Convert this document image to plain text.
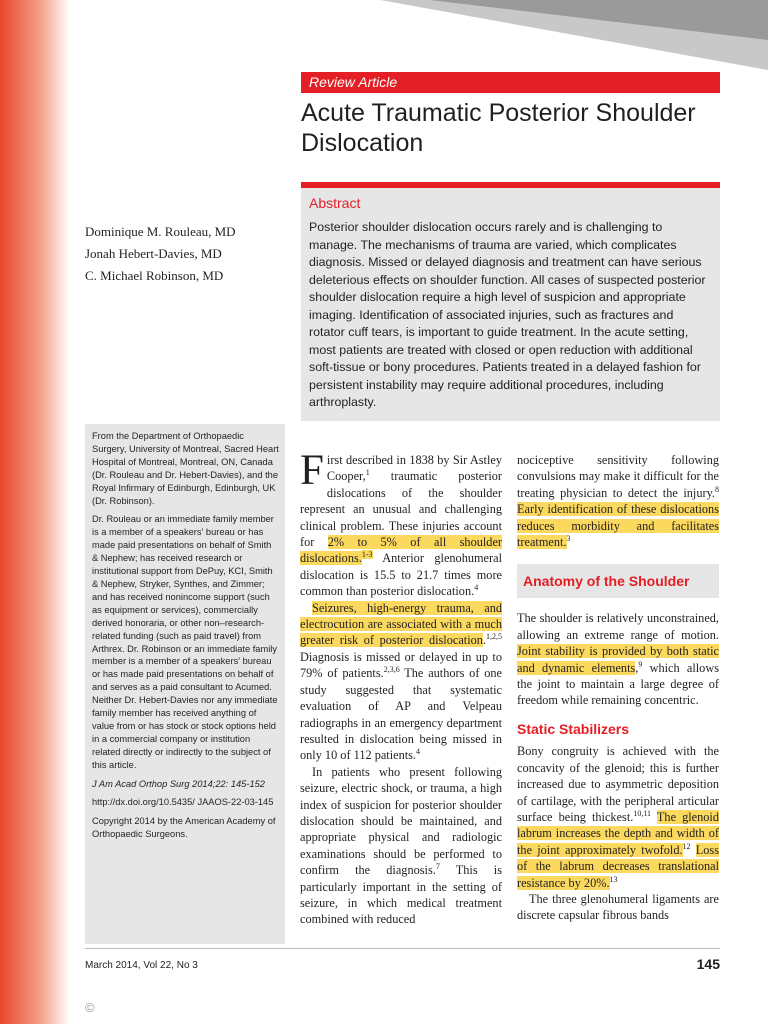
Review Article
Acute Traumatic Posterior Shoulder Dislocation
Abstract

Posterior shoulder dislocation occurs rarely and is challenging to manage. The mechanisms of trauma are varied, which complicates diagnosis. Missed or delayed diagnosis and treatment can have serious deleterious effects on shoulder function. All cases of suspected posterior shoulder dislocation require a high level of suspicion and appropriate imaging. Identification of associated injuries, such as fractures and rotator cuff tears, is important to guide treatment. In the acute setting, most patients are treated with closed or open reduction with additional soft-tissue or bony procedures. Patients treated in a delayed fashion for persistent instability may require additional procedures, including arthroplasty.

Dominique M. Rouleau, MD
Jonah Hebert-Davies, MD
C. Michael Robinson, MD

From the Department of Orthopaedic Surgery, University of Montreal, Sacred Heart Hospital of Montreal, Montreal, ON, Canada (Dr. Rouleau and Dr. Hebert-Davies), and the Royal Infirmary of Edinburgh, Edinburgh, UK (Dr. Robinson).

Dr. Rouleau or an immediate family member is a member of a speakers' bureau or has made paid presentations on behalf of Smith & Nephew; has received research or institutional support from DePuy, KCI, Smith & Nephew, Stryker, Synthes, and Zimmer; and has received nonincome support (such as equipment or services), commercially derived honoraria, or other non–research-related funding (such as paid travel) from Arthrex. Dr. Robinson or an immediate family member is a member of a speakers' bureau or has made paid presentations on behalf of and serves as a paid consultant to Acumed. Neither Dr. Hebert-Davies nor any immediate family member has received anything of value from or has stock or stock options held in a commercial company or institution related directly or indirectly to the subject of this article.

J Am Acad Orthop Surg 2014;22: 145-152

http://dx.doi.org/10.5435/ JAAOS-22-03-145

Copyright 2014 by the American Academy of Orthopaedic Surgeons.

First described in 1838 by Sir Astley Cooper,$^1$ traumatic posterior dislocations of the shoulder represent an unusual and challenging clinical problem. These injuries account for 2% to 5% of all shoulder dislocations.$^{1-3}$ Anterior glenohumeral dislocation is 15.5 to 21.7 times more common than posterior dislocation.$^4$

Seizures, high-energy trauma, and electrocution are associated with a much greater risk of posterior dislocation.$^{1,2,5}$ Diagnosis is missed or delayed in up to 79% of patients.$^{2,3,6}$ The authors of one study suggested that systematic evaluation of AP and Velpeau radiographs in an emergency department resulted in dislocation being missed in only 10 of 112 patients.$^4$

In patients who present following seizure, electric shock, or trauma, a high index of suspicion for posterior shoulder dislocation should be maintained, and appropriate physical and radiologic examinations should be performed to confirm the diagnosis.$^7$ This is particularly important in the setting of seizure, in which medical treatment combined with reduced

nociceptive sensitivity following convulsions may make it difficult for the treating physician to detect the injury.$^8$ Early identification of these dislocations reduces morbidity and facilitates treatment.$^3$

Anatomy of the Shoulder

The shoulder is relatively unconstrained, allowing an extreme range of motion. Joint stability is provided by both static and dynamic elements,$^9$ which allows the joint to maintain a large degree of freedom while remaining concentric.

Static Stabilizers

Bony congruity is achieved with the concavity of the glenoid; this is further increased due to asymmetric deposition of cartilage, with the peripheral articular surface being thickest.$^{10,11}$ The glenoid labrum increases the depth and width of the joint approximately twofold.$^{12}$ Loss of the labrum decreases translational resistance by 20%.$^{13}$

The three glenohumeral ligaments are discrete capsular fibrous bands

March 2014, Vol 22, No 3	145
©
